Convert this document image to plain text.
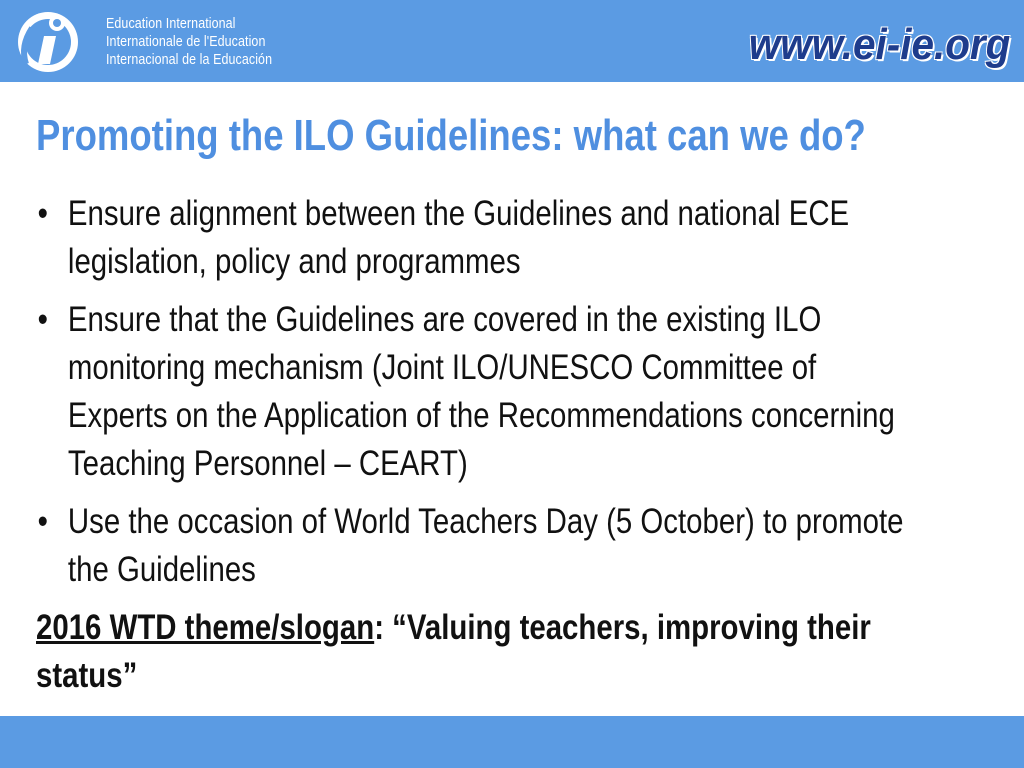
Education International
Internationale de l'Education
Internacional de la Educación	www.ei-ie.org
Promoting the ILO Guidelines: what can we do?
• Ensure alignment between the Guidelines and national ECE
legislation, policy and programmes
• Ensure that the Guidelines are covered in the existing ILO
monitoring mechanism (Joint ILO/UNESCO Committee of
Experts on the Application of the Recommendations concerning
Teaching Personnel – CEART)
• Use the occasion of World Teachers Day (5 October) to promote
the Guidelines
2016 WTD theme/slogan: “Valuing teachers, improving their
status”
